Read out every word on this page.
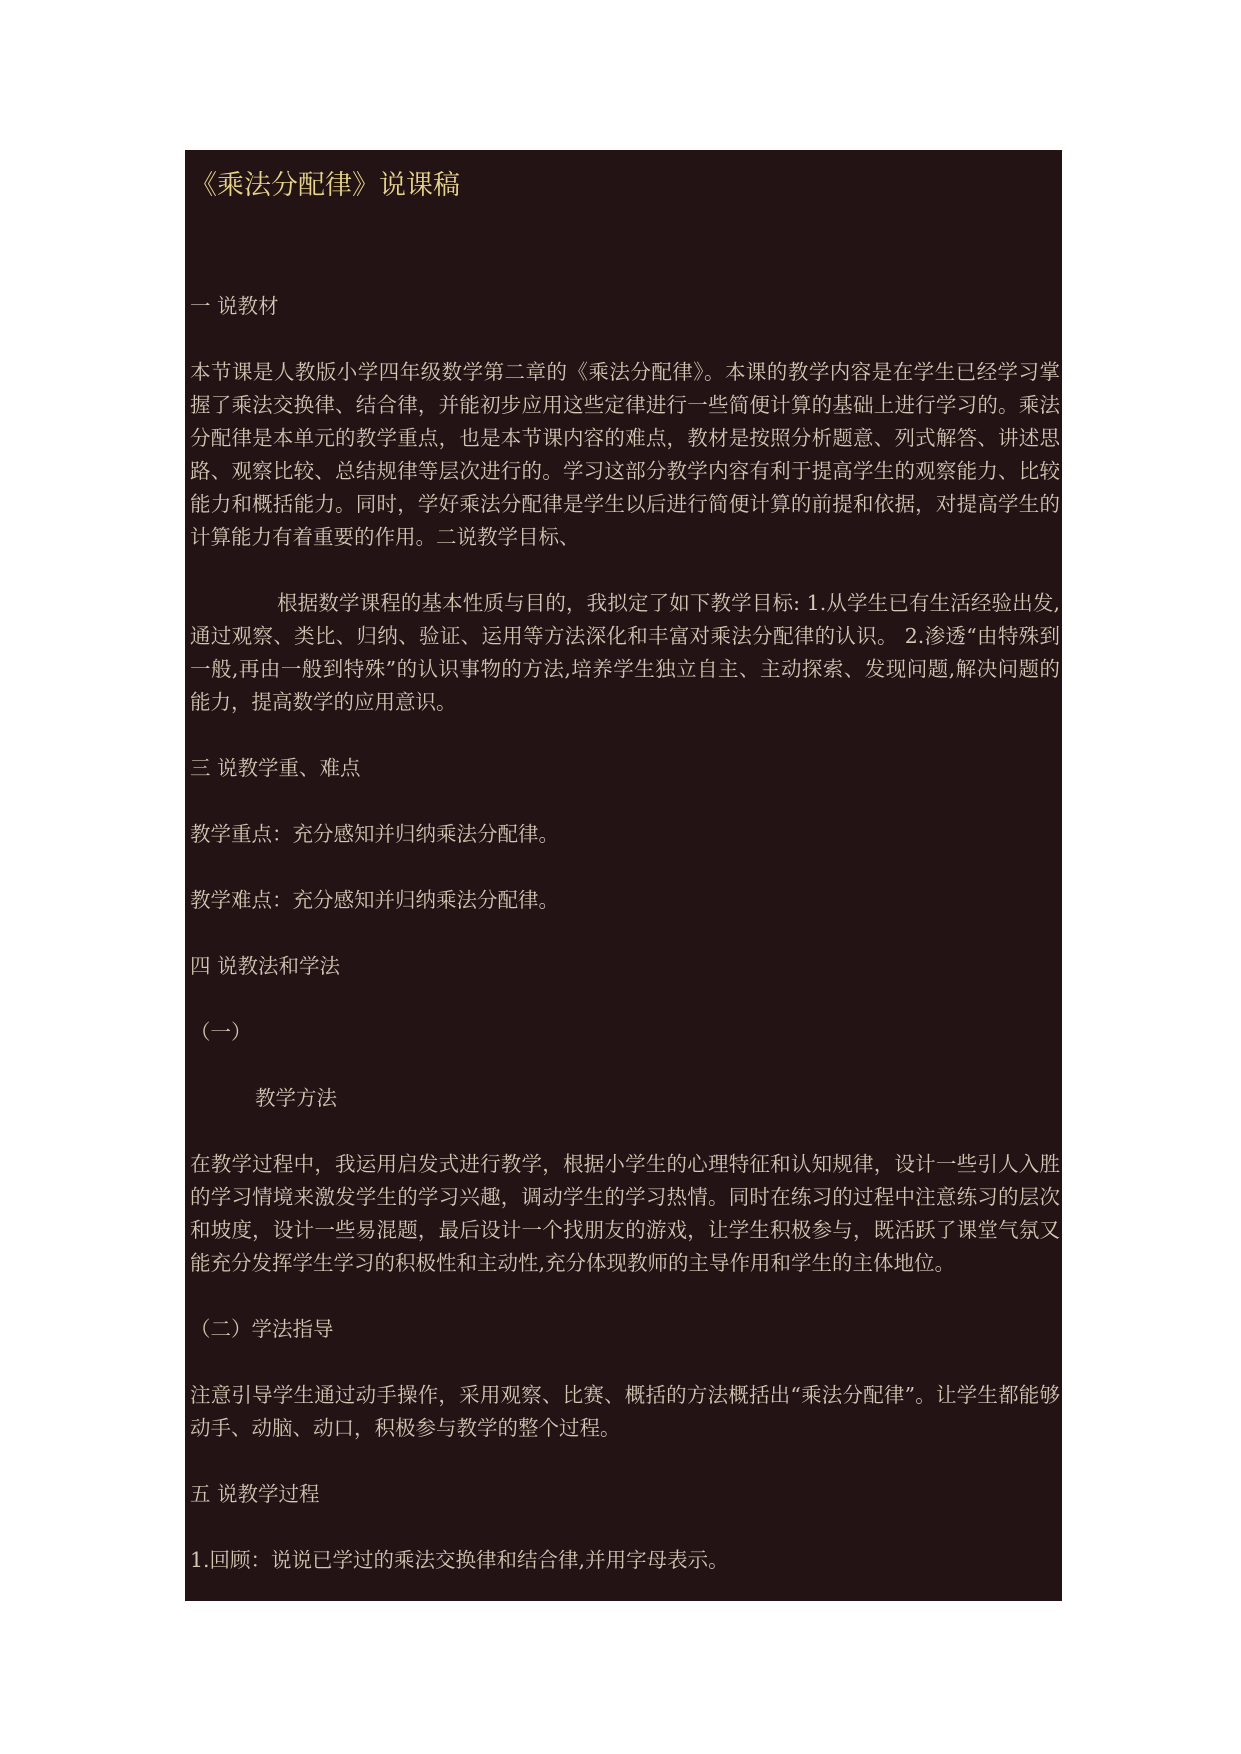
《乘法分配律》说课稿

一 说教材

本节课是人教版小学四年级数学第二章的《乘法分配律》。本课的教学内容是在学生已经学习掌握了乘法交换律、结合律，并能初步应用这些定律进行一些简便计算的基础上进行学习的。乘法分配律是本单元的教学重点，也是本节课内容的难点，教材是按照分析题意、列式解答、讲述思路、观察比较、总结规律等层次进行的。学习这部分教学内容有利于提高学生的观察能力、比较能力和概括能力。同时，学好乘法分配律是学生以后进行简便计算的前提和依据，对提高学生的计算能力有着重要的作用。二说教学目标、

根据数学课程的基本性质与目的，我拟定了如下教学目标: 1.从学生已有生活经验出发,通过观察、类比、归纳、验证、运用等方法深化和丰富对乘法分配律的认识。 2.渗透“由特殊到一般,再由一般到特殊”的认识事物的方法,培养学生独立自主、主动探索、发现问题,解决问题的能力，提高数学的应用意识。

三 说教学重、难点

教学重点：充分感知并归纳乘法分配律。

教学难点：充分感知并归纳乘法分配律。

四 说教法和学法

（一）

教学方法

在教学过程中，我运用启发式进行教学，根据小学生的心理特征和认知规律，设计一些引人入胜的学习情境来激发学生的学习兴趣，调动学生的学习热情。同时在练习的过程中注意练习的层次和坡度，设计一些易混题，最后设计一个找朋友的游戏，让学生积极参与，既活跃了课堂气氛又能充分发挥学生学习的积极性和主动性,充分体现教师的主导作用和学生的主体地位。

（二）学法指导

注意引导学生通过动手操作，采用观察、比赛、概括的方法概括出“乘法分配律”。让学生都能够动手、动脑、动口，积极参与教学的整个过程。

五 说教学过程

1.回顾：说说已学过的乘法交换律和结合律,并用字母表示。
